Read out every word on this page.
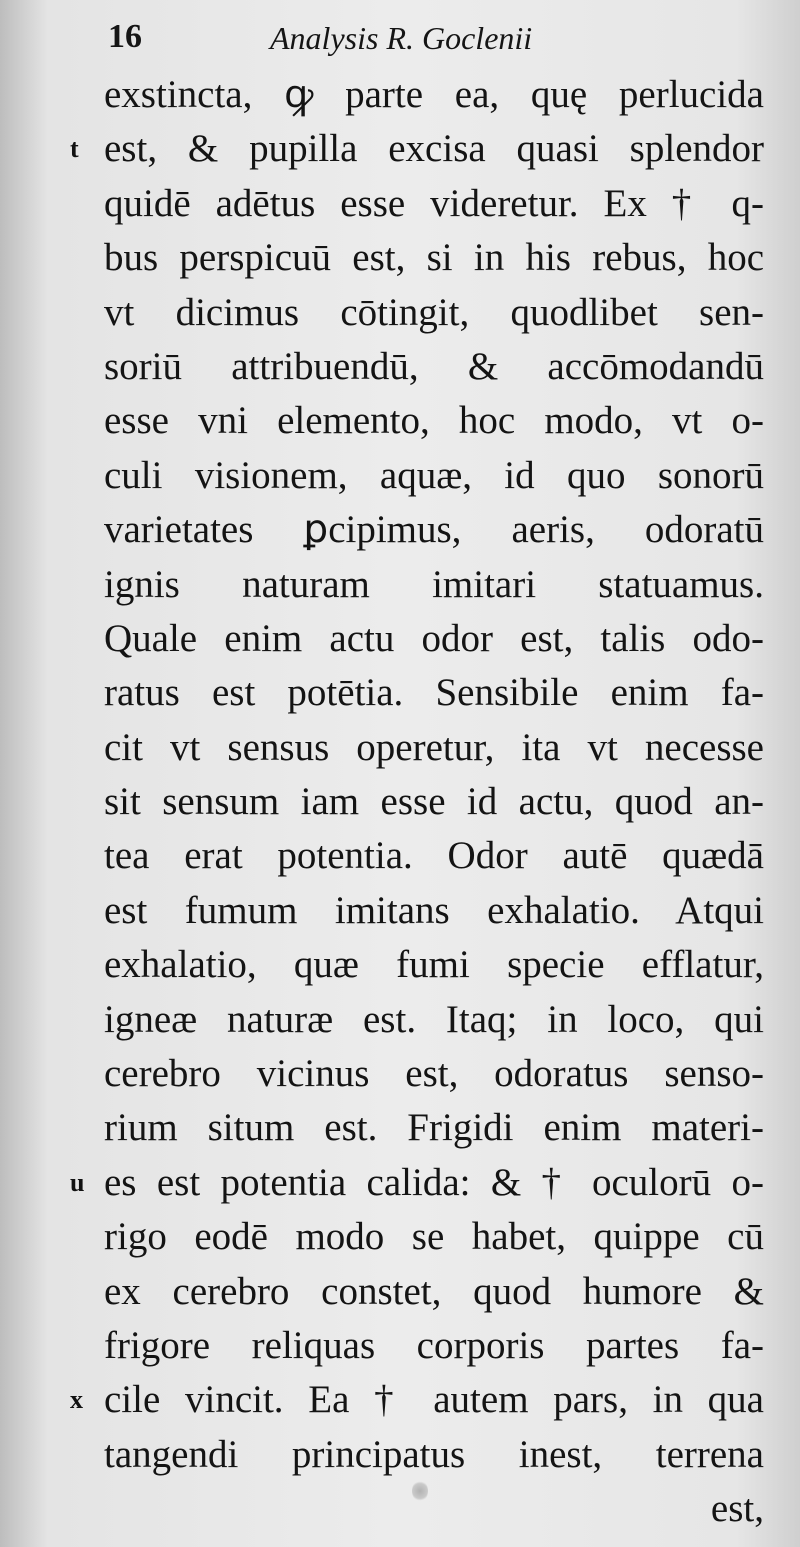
16	Analysis R. Goclenii
exstincta, ꝙ parte ea, quę perlucida
t est, & pupilla excisa quasi splendor
quidē adētus esse videretur. Ex † q-
bus perspicuū est, si in his rebus, hoc
vt dicimus cōtingit, quodlibet sen-
soriū attribuendū, & accōmodandū
esse vni elemento, hoc modo, vt o-
culi visionem, aquæ, id quo sonorū
varietates ꝑcipimus, aeris, odoratū
ignis naturam imitari statuamus.
Quale enim actu odor est, talis odo-
ratus est potētia. Sensibile enim fa-
cit vt sensus operetur, ita vt necesse
sit sensum iam esse id actu, quod an-
tea erat potentia. Odor autē quædā
est fumum imitans exhalatio. Atqui
exhalatio, quæ fumi specie efflatur,
igneæ naturæ est. Itaq; in loco, qui
cerebro vicinus est, odoratus senso-
rium situm est. Frigidi enim materi-
u es est potentia calida: & † oculorū o-
rigo eodē modo se habet, quippe cū
ex cerebro constet, quod humore &
frigore reliquas corporis partes fa-
x cile vincit. Ea † autem pars, in qua
tangendi principatus inest, terrena
est,
